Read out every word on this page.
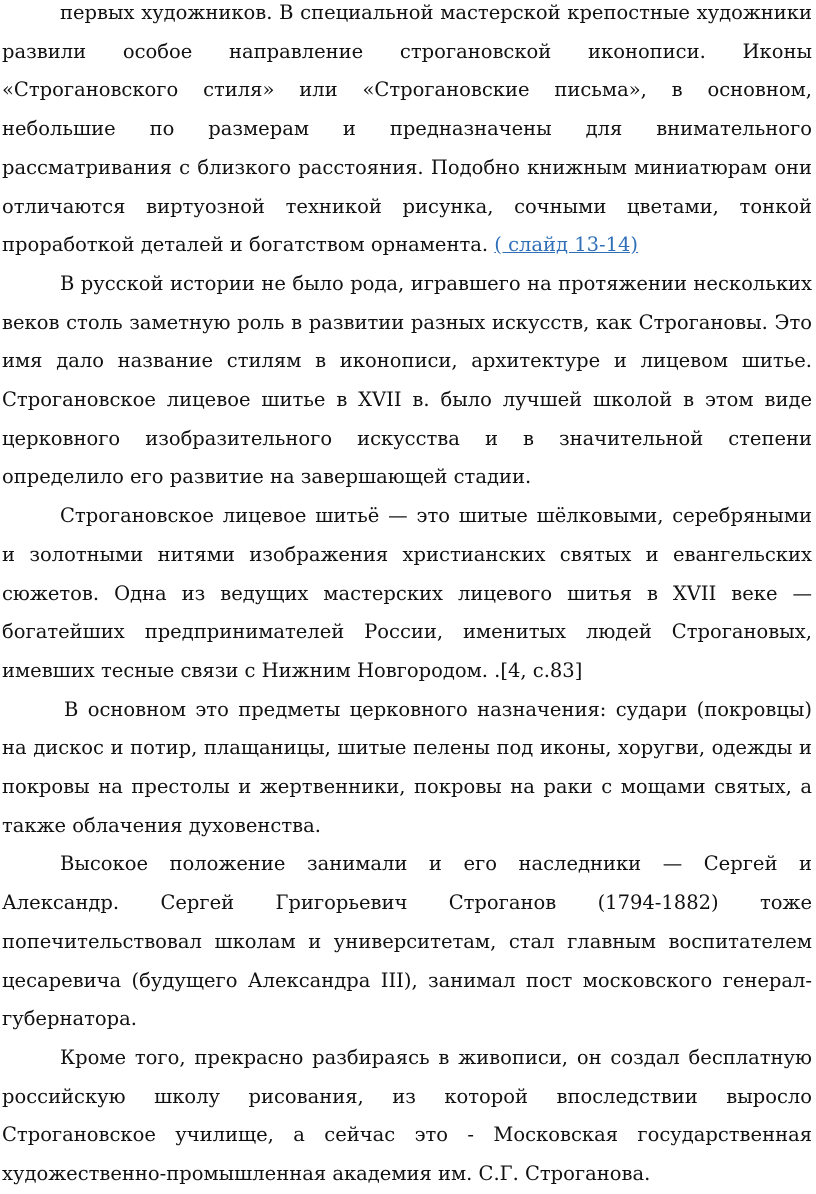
первых художников. В специальной мастерской крепостные художники развили особое направление строгановской иконописи. Иконы «Строгановского стиля» или «Строгановские письма», в основном, небольшие по размерам и предназначены для внимательного рассматривания с близкого расстояния. Подобно книжным миниатюрам они отличаются виртуозной техникой рисунка, сочными цветами, тонкой проработкой деталей и богатством орнамента. ( слайд 13-14)

В русской истории не было рода, игравшего на протяжении нескольких веков столь заметную роль в развитии разных искусств, как Строгановы. Это имя дало название стилям в иконописи, архитектуре и лицевом шитье. Строгановское лицевое шитье в XVII в. было лучшей школой в этом виде церковного изобразительного искусства и в значительной степени определило его развитие на завершающей стадии.

Строгановское лицевое шитьё — это шитые шёлковыми, серебряными и золотными нитями изображения христианских святых и евангельских сюжетов. Одна из ведущих мастерских лицевого шитья в XVII веке — богатейших предпринимателей России, именитых людей Строгановых, имевших тесные связи с Нижним Новгородом. .[4, с.83]

В основном это предметы церковного назначения: судари (покровцы) на дискос и потир, плащаницы, шитые пелены под иконы, хоругви, одежды и покровы на престолы и жертвенники, покровы на раки с мощами святых, а также облачения духовенства.

Высокое положение занимали и его наследники — Сергей и Александр. Сергей Григорьевич Строганов (1794-1882) тоже попечительствовал школам и университетам, стал главным воспитателем цесаревича (будущего Александра III), занимал пост московского генерал-губернатора.

Кроме того, прекрасно разбираясь в живописи, он создал бесплатную российскую школу рисования, из которой впоследствии выросло Строгановское училище, а сейчас это - Московская государственная художественно-промышленная академия им. С.Г. Строганова.
